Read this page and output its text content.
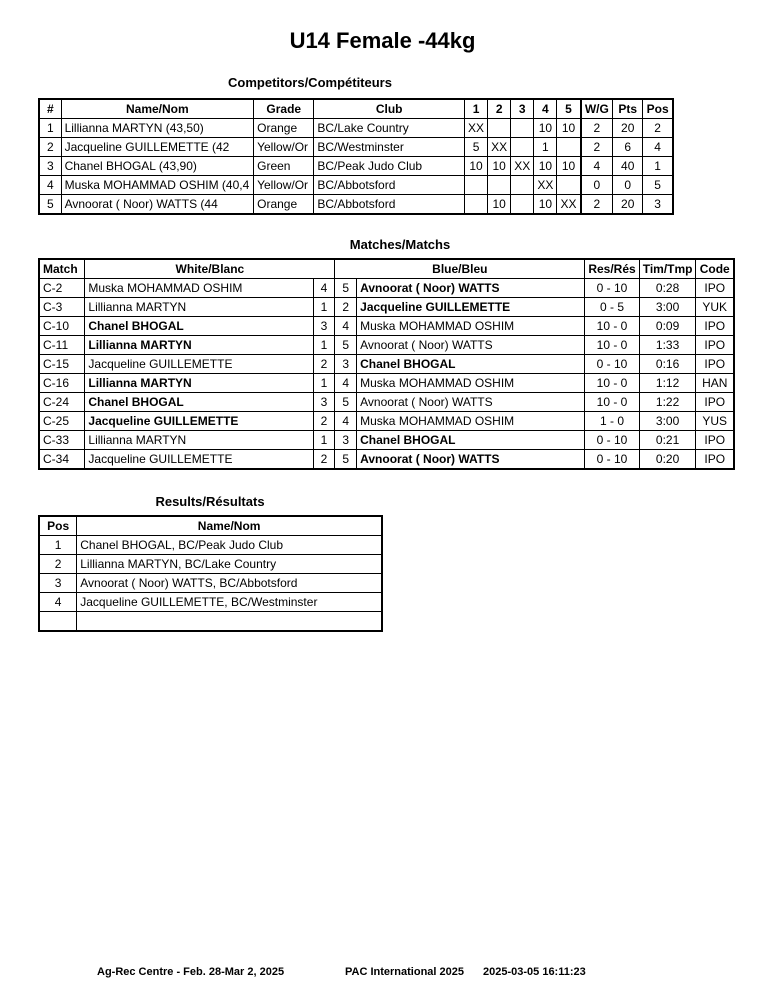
U14 Female -44kg
Competitors/Compétiteurs
#	Name/Nom	Grade	Club	1	2	3	4	5	W/G	Pts	Pos
1	Lillianna MARTYN (43,50)	Orange	BC/Lake Country	XX			10	10	2	20	2
2	Jacqueline GUILLEMETTE (42	Yellow/Or	BC/Westminster	5	XX		1		2	6	4
3	Chanel BHOGAL (43,90)	Green	BC/Peak Judo Club	10	10	XX	10	10	4	40	1
4	Muska MOHAMMAD OSHIM (40,4	Yellow/Or	BC/Abbotsford				XX		0	0	5
5	Avnoorat ( Noor) WATTS (44	Orange	BC/Abbotsford		10		10	XX	2	20	3
Matches/Matchs
Match	White/Blanc		Blue/Bleu		Res/Rés	Tim/Tmp	Code
C-2	Muska MOHAMMAD OSHIM	4	5	Avnoorat ( Noor) WATTS	0 - 10	0:28	IPO
C-3	Lillianna MARTYN	1	2	Jacqueline GUILLEMETTE	0 - 5	3:00	YUK
C-10	Chanel BHOGAL	3	4	Muska MOHAMMAD OSHIM	10 - 0	0:09	IPO
C-11	Lillianna MARTYN	1	5	Avnoorat ( Noor) WATTS	10 - 0	1:33	IPO
C-15	Jacqueline GUILLEMETTE	2	3	Chanel BHOGAL	0 - 10	0:16	IPO
C-16	Lillianna MARTYN	1	4	Muska MOHAMMAD OSHIM	10 - 0	1:12	HAN
C-24	Chanel BHOGAL	3	5	Avnoorat ( Noor) WATTS	10 - 0	1:22	IPO
C-25	Jacqueline GUILLEMETTE	2	4	Muska MOHAMMAD OSHIM	1 - 0	3:00	YUS
C-33	Lillianna MARTYN	1	3	Chanel BHOGAL	0 - 10	0:21	IPO
C-34	Jacqueline GUILLEMETTE	2	5	Avnoorat ( Noor) WATTS	0 - 10	0:20	IPO
Results/Résultats
Pos	Name/Nom
1	Chanel BHOGAL, BC/Peak Judo Club
2	Lillianna MARTYN, BC/Lake Country
3	Avnoorat ( Noor) WATTS, BC/Abbotsford
4	Jacqueline GUILLEMETTE, BC/Westminster

Ag-Rec Centre - Feb. 28-Mar 2, 2025	PAC International 2025 2025-03-05 16:11:23
